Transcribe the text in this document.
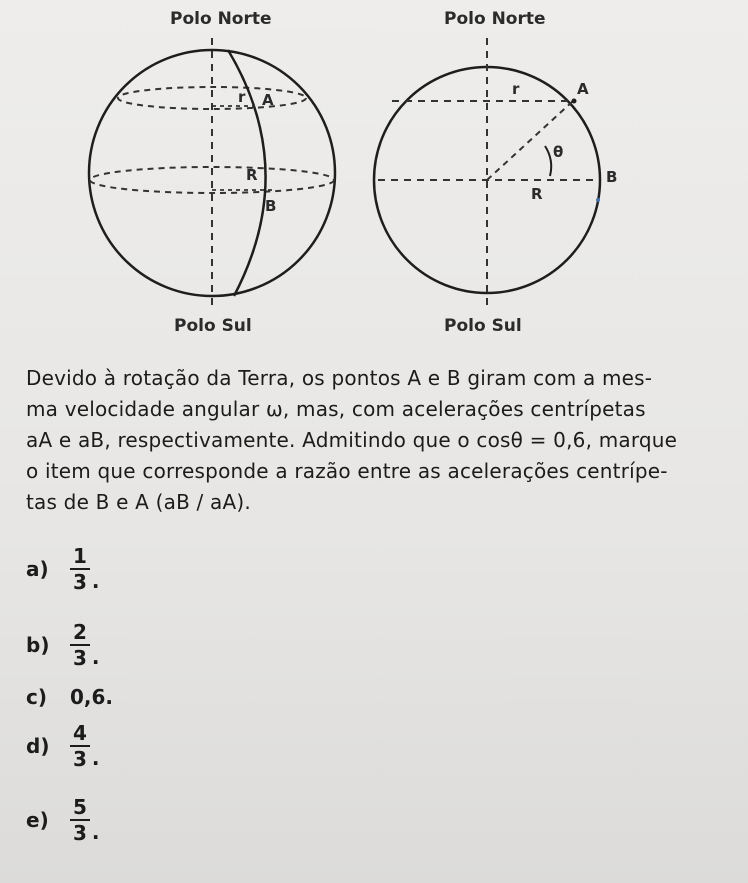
Polo Norte
Polo Sul
r A
R
B
Polo Norte
Polo Sul
r	A
θ
R
B

Devido à rotação da Terra, os pontos A e B giram com a mes-

ma velocidade angular ω, mas, com acelerações centrípetas

aA e aB, respectivamente. Admitindo que o cosθ = 0,6, marque

o item que corresponde a razão entre as acelerações centrípe-

tas de B e A (aB / aA).

a)	$\frac{1}{3}$ .
b)	$\frac{2}{3}$ .
c)	0,6.
d)	$\frac{4}{3}$ .
e)	$\frac{5}{3}$ .
